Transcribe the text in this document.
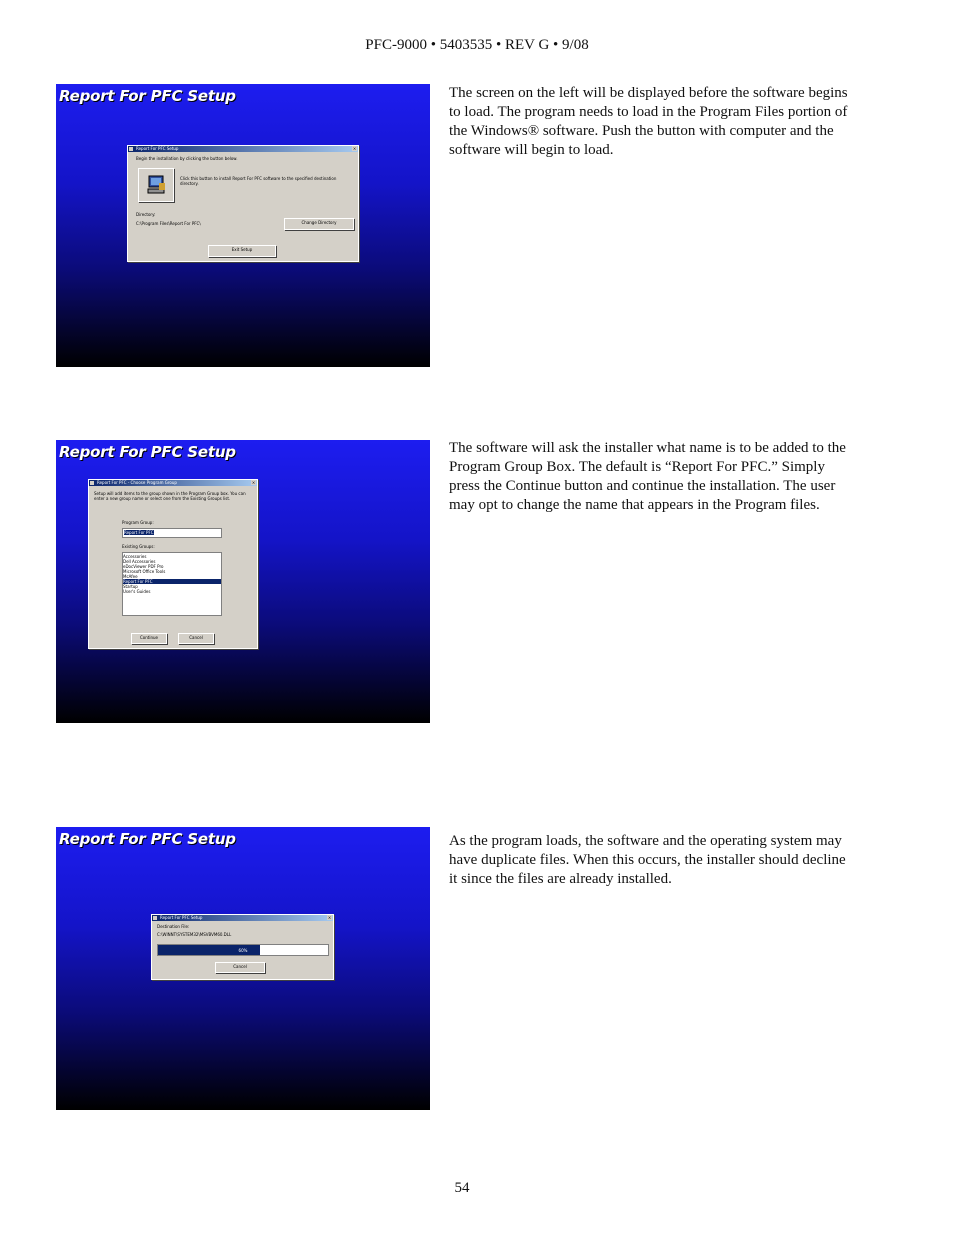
PFC-9000 • 5403535 • REV G • 9/08
Report For PFC Setup
Report For PFC Setup	×
Begin the installation by clicking the button below.
Click this button to install Report For PFC software to the specified destination directory.
Directory:
C:\Program Files\Report For PFC\	Change Directory
Exit Setup

The screen on the left will be displayed before the software begins to load. The program needs to load in the Program Files portion of the Windows® software. Push the button with computer and the software will begin to load.

Report For PFC Setup
Report For PFC - Choose Program Group	×
Setup will add items to the group shown in the Program Group box. You can enter a new group name or select one from the Existing Groups list.
Program Group:
Report For PFC
Existing Groups:
Accessories
Dell Accessories
eDocViewer PDF Pro
Microsoft Office Tools
McAfee
Report For PFC
Startup
User's Guides
Continue	Cancel

The software will ask the installer what name is to be added to the Program Group Box. The default is “Report For PFC.” Simply press the Continue button and continue the installation. The user may opt to change the name that appears in the Program files.

Report For PFC Setup
Report For PFC Setup	×
Destination File:
C:\WINNT\SYSTEM32\MSVBVM60.DLL
60%
Cancel

As the program loads, the software and the operating system may have duplicate files. When this occurs, the installer should decline it since the files are already installed.

54
